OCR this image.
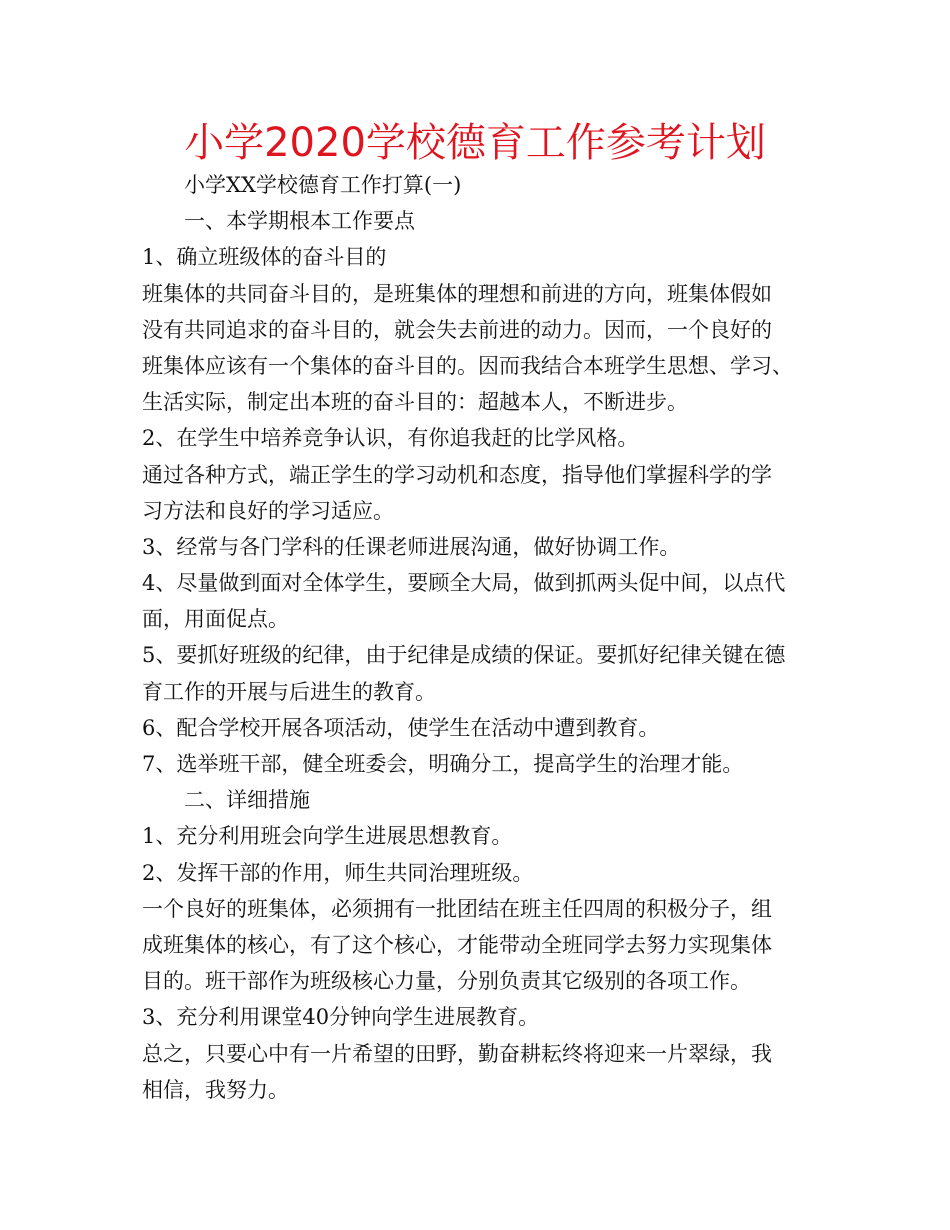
小学2020学校德育工作参考计划
小学XX学校德育工作打算(一)
一、本学期根本工作要点
1、确立班级体的奋斗目的
班集体的共同奋斗目的，是班集体的理想和前进的方向，班集体假如
没有共同追求的奋斗目的，就会失去前进的动力。因而，一个良好的
班集体应该有一个集体的奋斗目的。因而我结合本班学生思想、学习、
生活实际，制定出本班的奋斗目的：超越本人，不断进步。
2、在学生中培养竞争认识，有你追我赶的比学风格。
通过各种方式，端正学生的学习动机和态度，指导他们掌握科学的学
习方法和良好的学习适应。
3、经常与各门学科的任课老师进展沟通，做好协调工作。
4、尽量做到面对全体学生，要顾全大局，做到抓两头促中间，以点代
面，用面促点。
5、要抓好班级的纪律，由于纪律是成绩的保证。要抓好纪律关键在德
育工作的开展与后进生的教育。
6、配合学校开展各项活动，使学生在活动中遭到教育。
7、选举班干部，健全班委会，明确分工，提高学生的治理才能。
二、详细措施
1、充分利用班会向学生进展思想教育。
2、发挥干部的作用，师生共同治理班级。
一个良好的班集体，必须拥有一批团结在班主任四周的积极分子，组
成班集体的核心，有了这个核心，才能带动全班同学去努力实现集体
目的。班干部作为班级核心力量，分别负责其它级别的各项工作。
3、充分利用课堂40分钟向学生进展教育。
总之，只要心中有一片希望的田野，勤奋耕耘终将迎来一片翠绿，我
相信，我努力。
